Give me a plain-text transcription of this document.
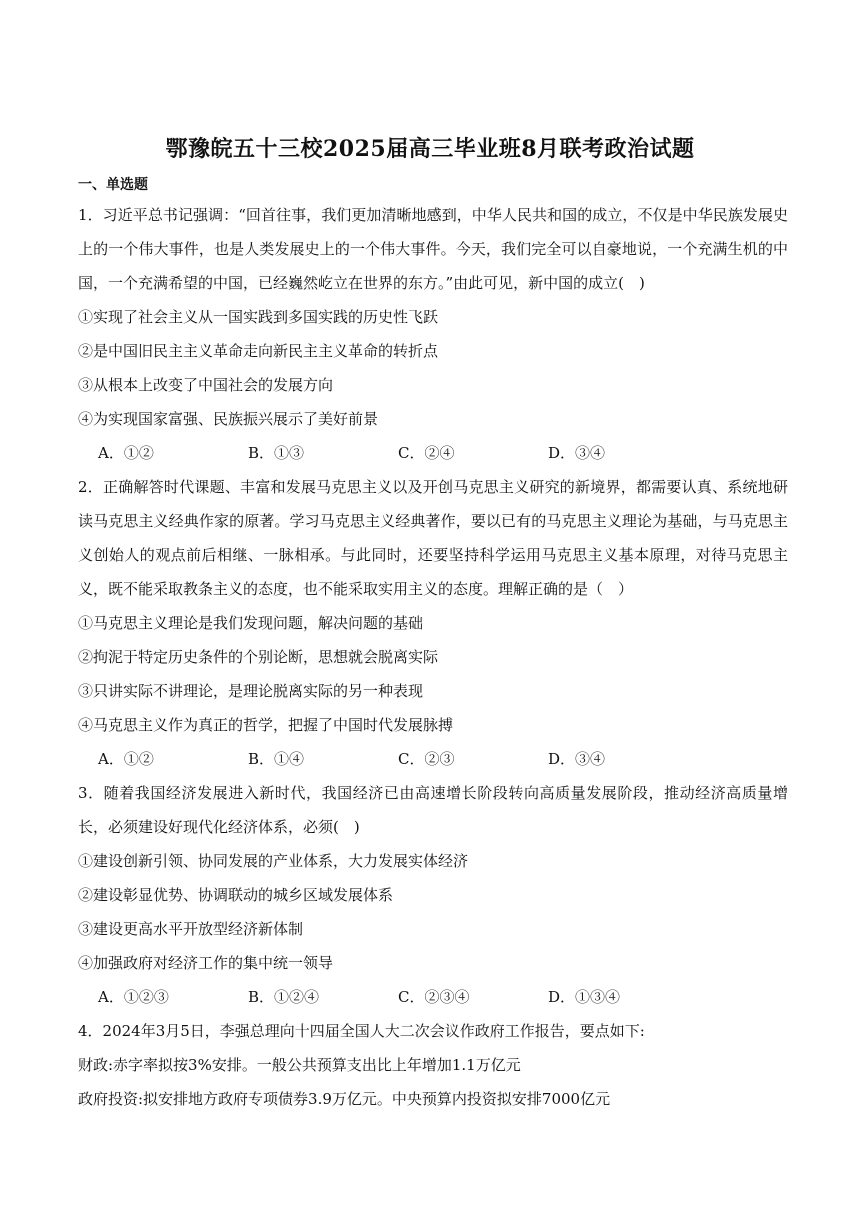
鄂豫皖五十三校2025届高三毕业班8月联考政治试题
一、单选题
1．习近平总书记强调：“回首往事，我们更加清晰地感到，中华人民共和国的成立，不仅是中华民族发展史上的一个伟大事件，也是人类发展史上的一个伟大事件。今天，我们完全可以自豪地说，一个充满生机的中国，一个充满希望的中国，已经巍然屹立在世界的东方。”由此可见，新中国的成立(　)
①实现了社会主义从一国实践到多国实践的历史性飞跃
②是中国旧民主主义革命走向新民主主义革命的转折点
③从根本上改变了中国社会的发展方向
④为实现国家富强、民族振兴展示了美好前景
A．①②	B．①③	C．②④	D．③④
2．正确解答时代课题、丰富和发展马克思主义以及开创马克思主义研究的新境界，都需要认真、系统地研读马克思主义经典作家的原著。学习马克思主义经典著作，要以已有的马克思主义理论为基础，与马克思主义创始人的观点前后相继、一脉相承。与此同时，还要坚持科学运用马克思主义基本原理，对待马克思主义，既不能采取教条主义的态度，也不能采取实用主义的态度。理解正确的是（　）
①马克思主义理论是我们发现问题，解决问题的基础
②拘泥于特定历史条件的个别论断，思想就会脱离实际
③只讲实际不讲理论，是理论脱离实际的另一种表现
④马克思主义作为真正的哲学，把握了中国时代发展脉搏
A．①②	B．①④	C．②③	D．③④
3．随着我国经济发展进入新时代，我国经济已由高速增长阶段转向高质量发展阶段，推动经济高质量增长，必须建设好现代化经济体系，必须(　)
①建设创新引领、协同发展的产业体系，大力发展实体经济
②建设彰显优势、协调联动的城乡区域发展体系
③建设更高水平开放型经济新体制
④加强政府对经济工作的集中统一领导
A．①②③	B．①②④	C．②③④	D．①③④
4．2024年3月5日，李强总理向十四届全国人大二次会议作政府工作报告，要点如下:
财政:赤字率拟按3%安排。一般公共预算支出比上年增加1.1万亿元
政府投资:拟安排地方政府专项债券3.9万亿元。中央预算内投资拟安排7000亿元
